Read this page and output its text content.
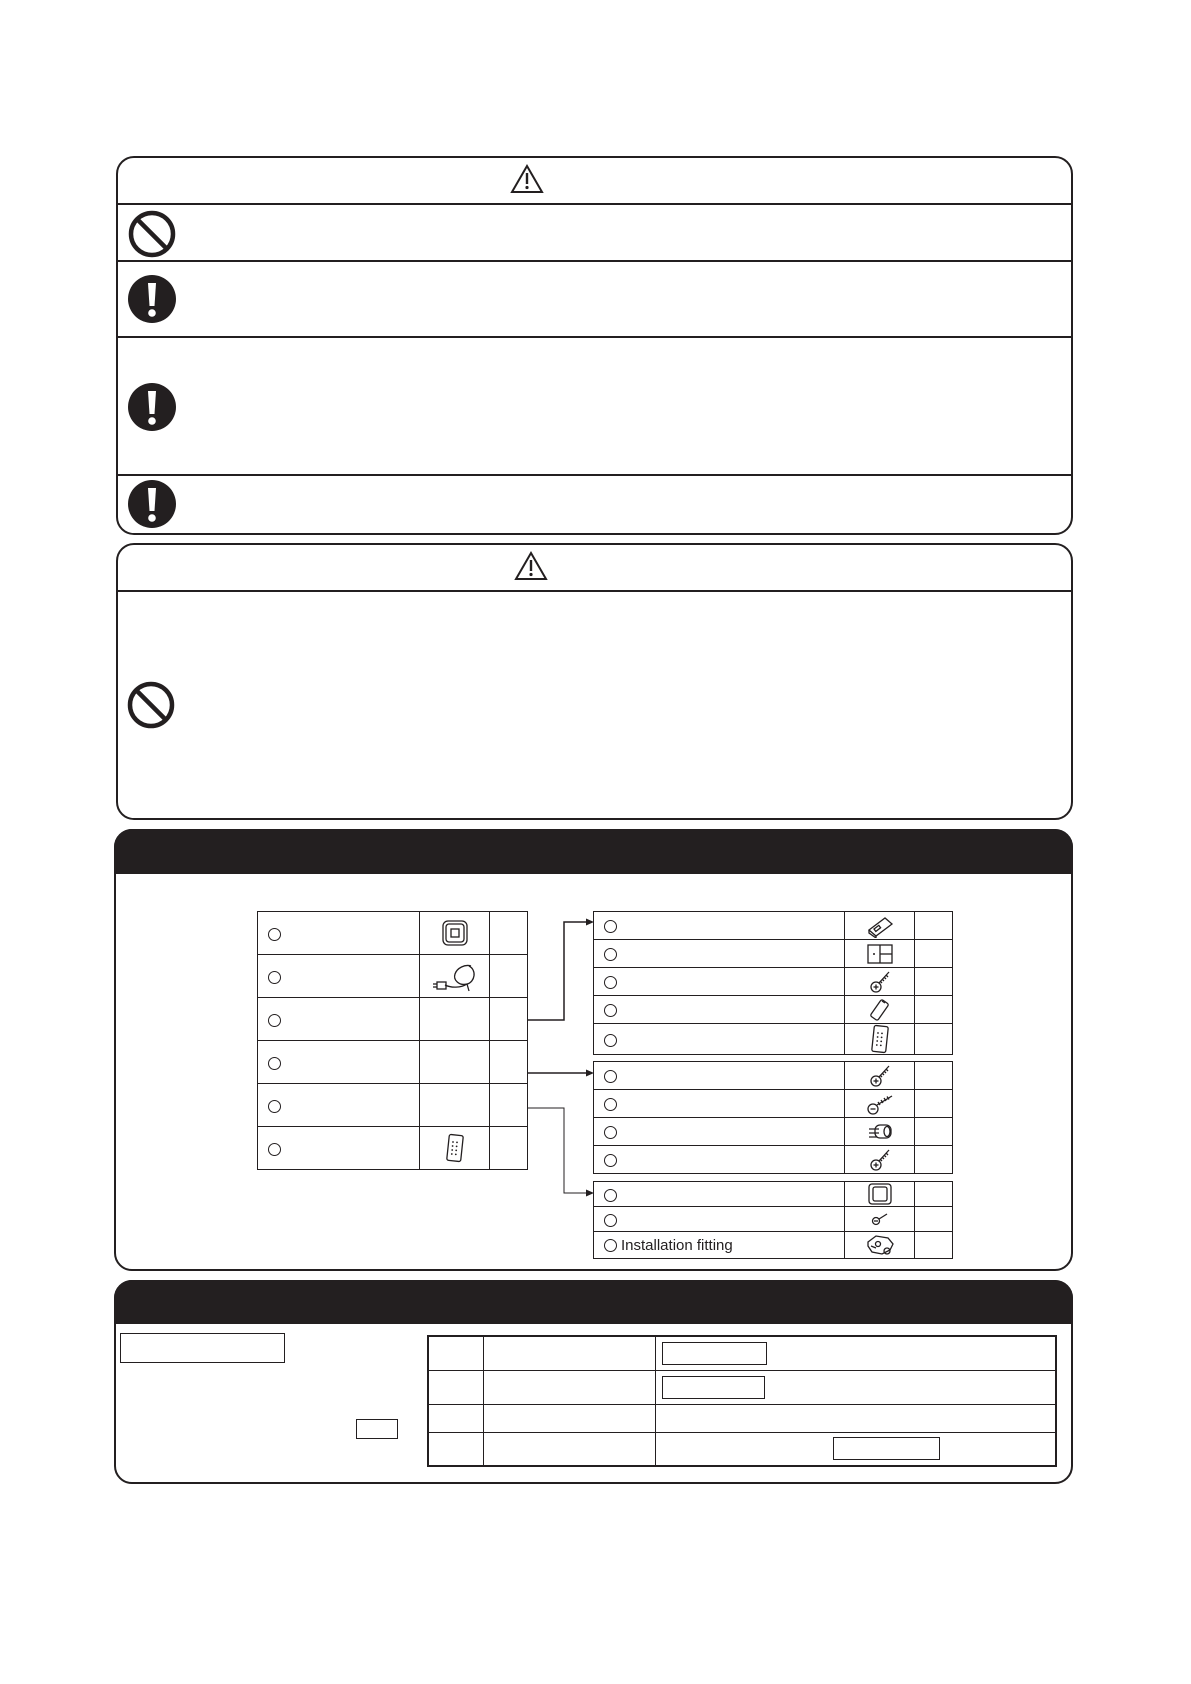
Installation fitting	
